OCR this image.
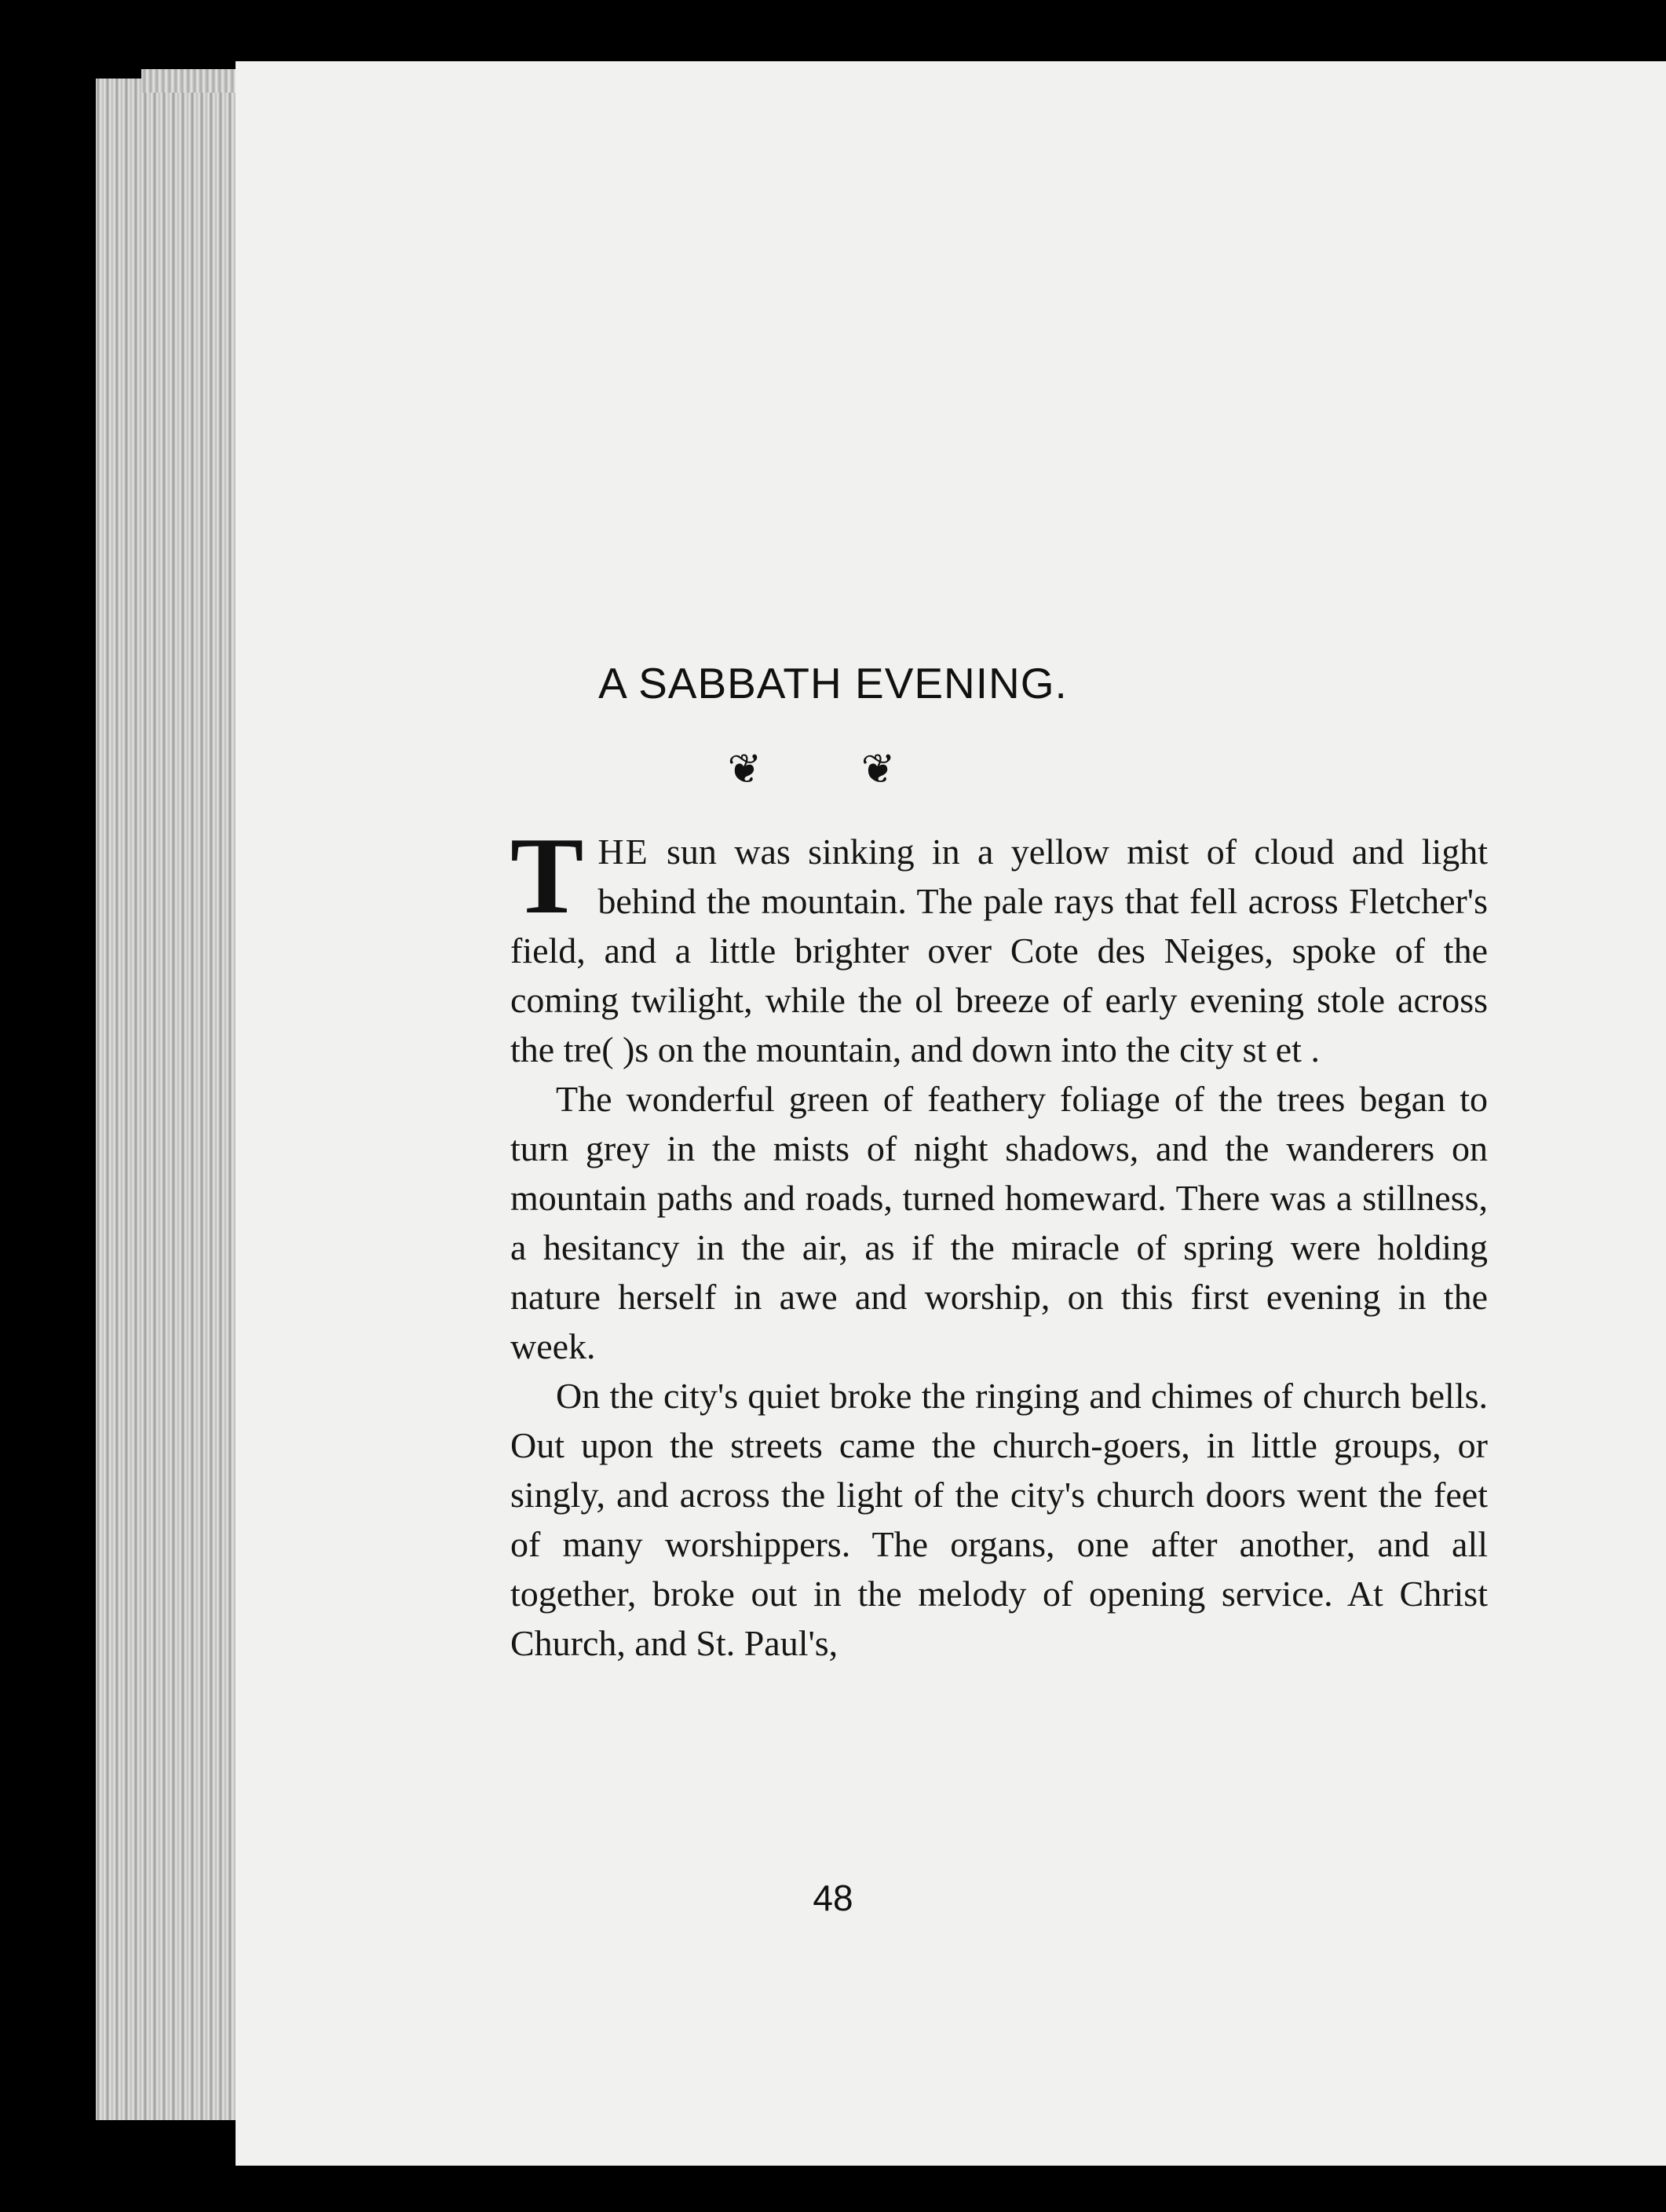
A SABBATH EVENING.
❦ ❦

THE sun was sinking in a yellow mist of cloud and light behind the mountain. The pale rays that fell across Fletcher's field, and a little brighter over Cote des Neiges, spoke of the coming twilight, while the ol breeze of early evening stole across the tre( )s on the mountain, and down into the city st et .

The wonderful green of feathery foliage of the trees began to turn grey in the mists of night shadows, and the wanderers on mountain paths and roads, turned homeward. There was a stillness, a hesitancy in the air, as if the miracle of spring were holding nature herself in awe and worship, on this first evening in the week.

On the city's quiet broke the ringing and chimes of church bells. Out upon the streets came the church-goers, in little groups, or singly, and across the light of the city's church doors went the feet of many worshippers. The organs, one after another, and all together, broke out in the melody of opening service. At Christ Church, and St. Paul's,

48
